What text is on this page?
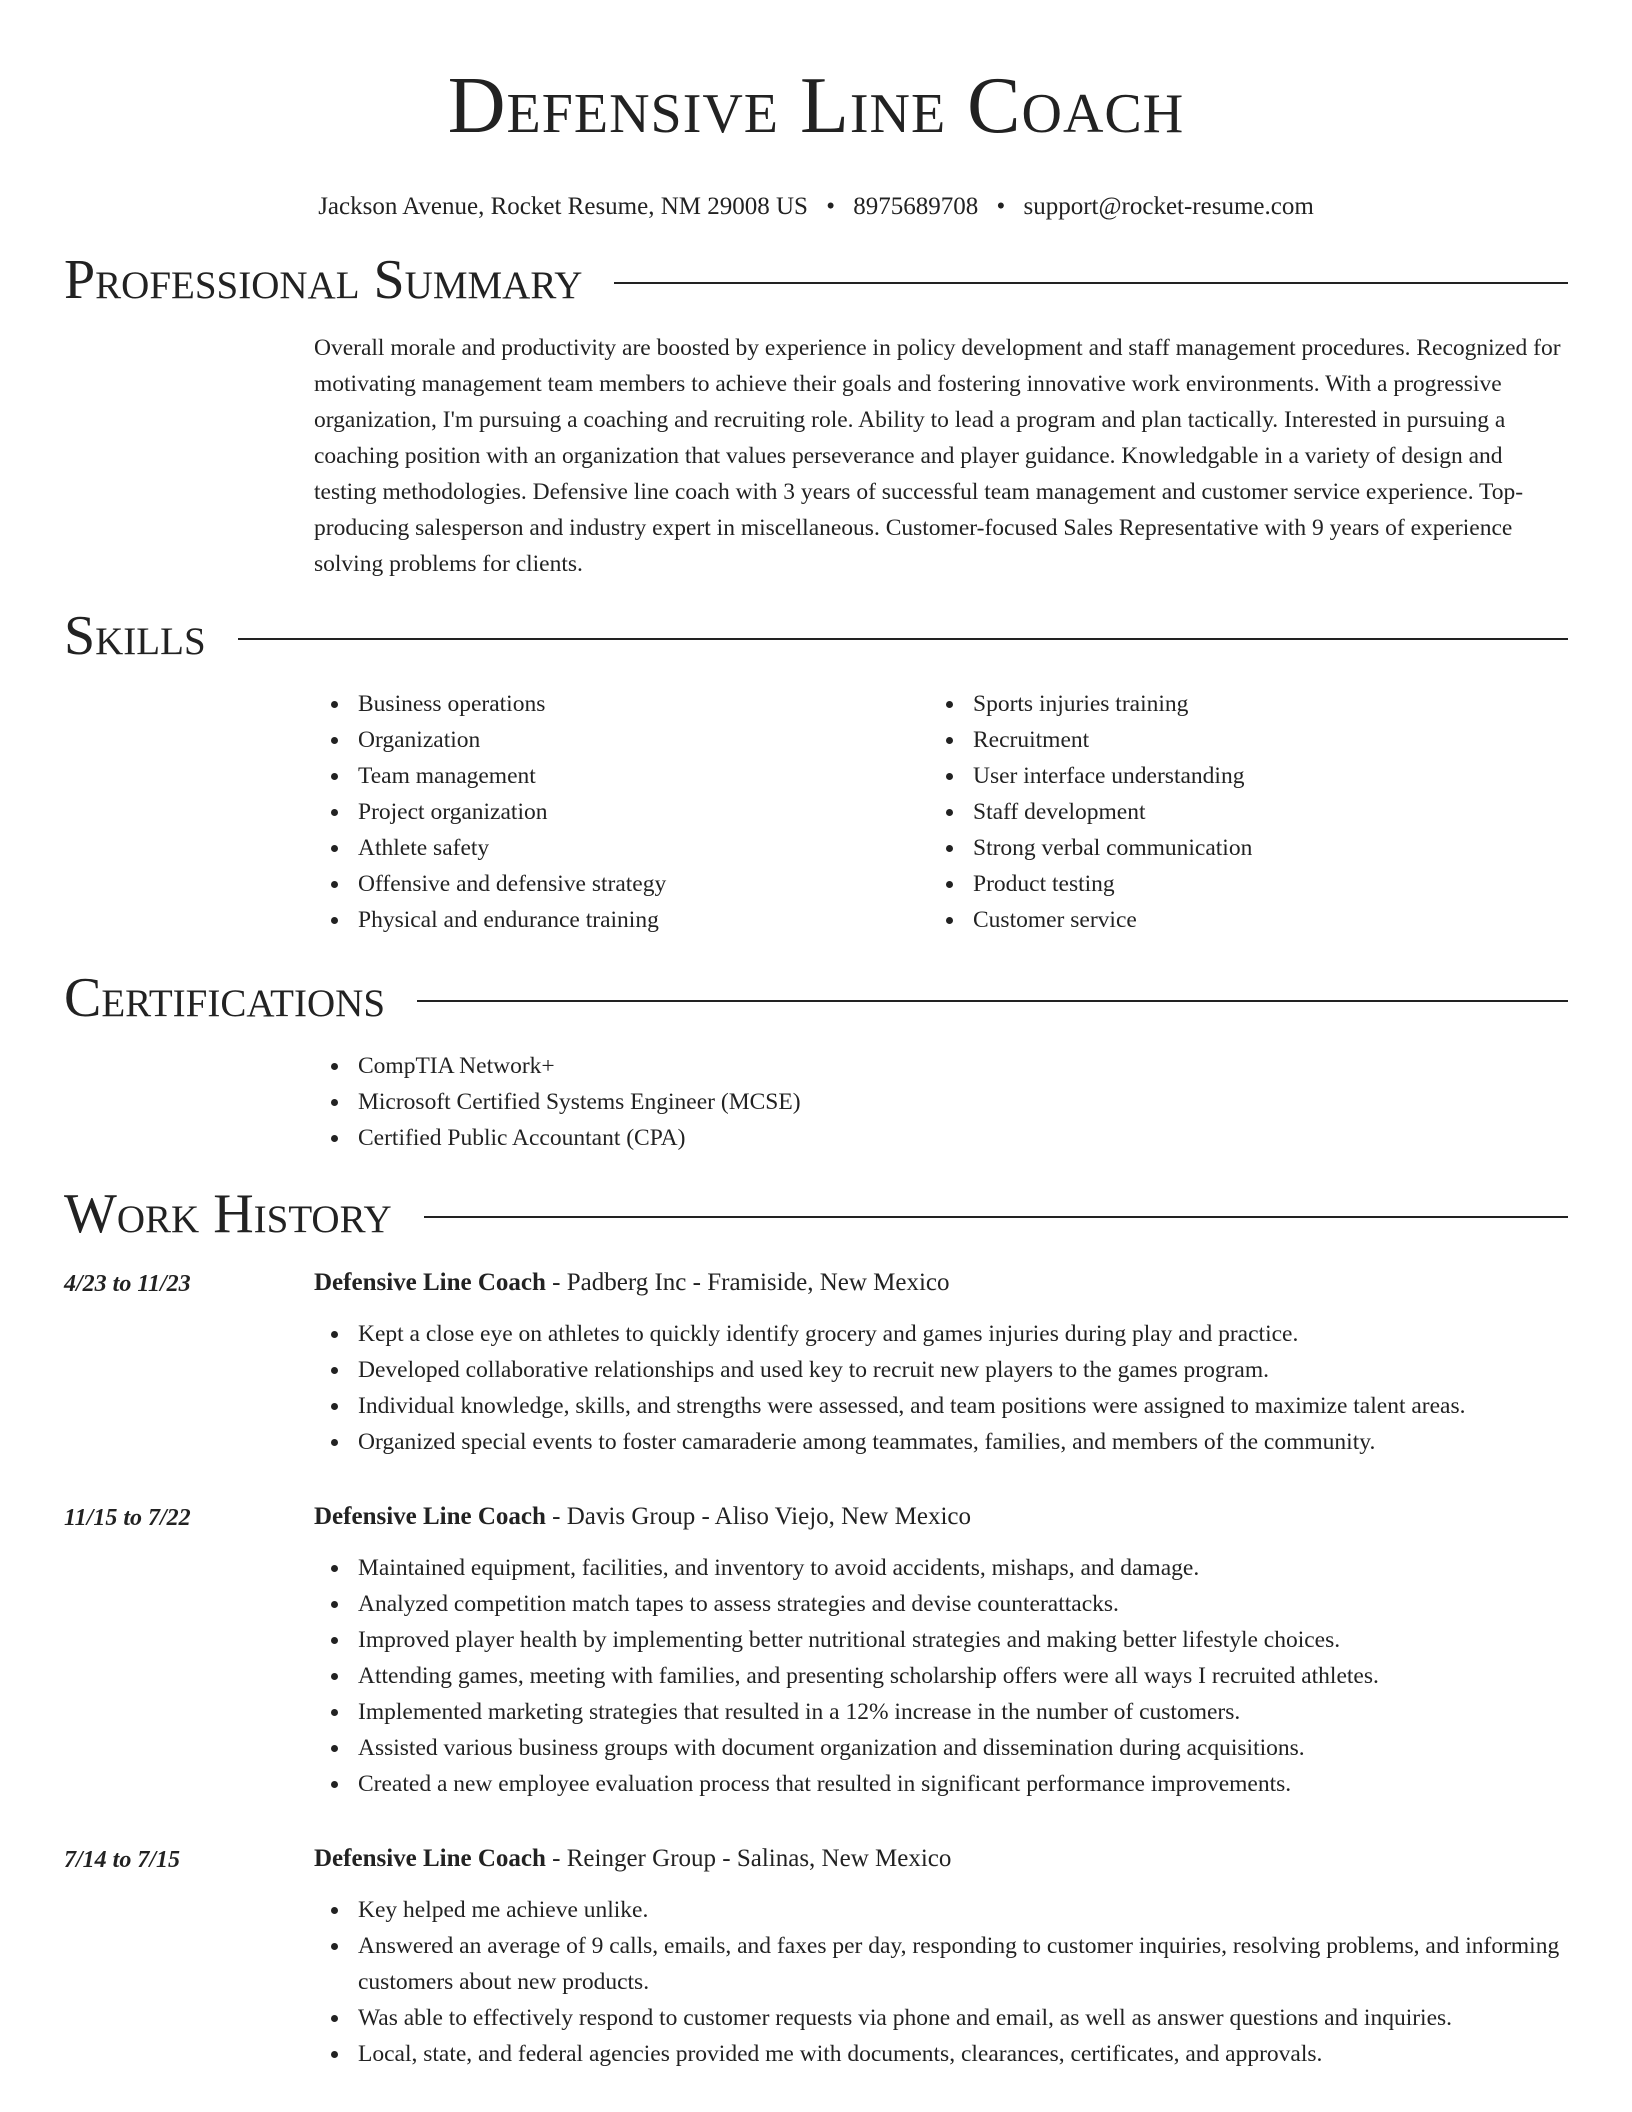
Defensive Line Coach
Jackson Avenue, Rocket Resume, NM 29008 US • 8975689708 • support@rocket-resume.com
Professional Summary

Overall morale and productivity are boosted by experience in policy development and staff management procedures. Recognized for motivating management team members to achieve their goals and fostering innovative work environments. With a progressive organization, I'm pursuing a coaching and recruiting role. Ability to lead a program and plan tactically. Interested in pursuing a coaching position with an organization that values perseverance and player guidance. Knowledgable in a variety of design and testing methodologies. Defensive line coach with 3 years of successful team management and customer service experience. Top-producing salesperson and industry expert in miscellaneous. Customer-focused Sales Representative with 9 years of experience solving problems for clients.

Skills
Business operations
Organization
Team management
Project organization
Athlete safety
Offensive and defensive strategy
Physical and endurance training
Sports injuries training
Recruitment
User interface understanding
Staff development
Strong verbal communication
Product testing
Customer service
Certifications
CompTIA Network+
Microsoft Certified Systems Engineer (MCSE)
Certified Public Accountant (CPA)
Work History
4/23 to 11/23	Defensive Line Coach - Padberg Inc - Framiside, New Mexico
Kept a close eye on athletes to quickly identify grocery and games injuries during play and practice.
Developed collaborative relationships and used key to recruit new players to the games program.
Individual knowledge, skills, and strengths were assessed, and team positions were assigned to maximize talent areas.
Organized special events to foster camaraderie among teammates, families, and members of the community.
11/15 to 7/22	Defensive Line Coach - Davis Group - Aliso Viejo, New Mexico
Maintained equipment, facilities, and inventory to avoid accidents, mishaps, and damage.
Analyzed competition match tapes to assess strategies and devise counterattacks.
Improved player health by implementing better nutritional strategies and making better lifestyle choices.
Attending games, meeting with families, and presenting scholarship offers were all ways I recruited athletes.
Implemented marketing strategies that resulted in a 12% increase in the number of customers.
Assisted various business groups with document organization and dissemination during acquisitions.
Created a new employee evaluation process that resulted in significant performance improvements.
7/14 to 7/15	Defensive Line Coach - Reinger Group - Salinas, New Mexico
Key helped me achieve unlike.
Answered an average of 9 calls, emails, and faxes per day, responding to customer inquiries, resolving problems, and informing customers about new products.
Was able to effectively respond to customer requests via phone and email, as well as answer questions and inquiries.
Local, state, and federal agencies provided me with documents, clearances, certificates, and approvals.
